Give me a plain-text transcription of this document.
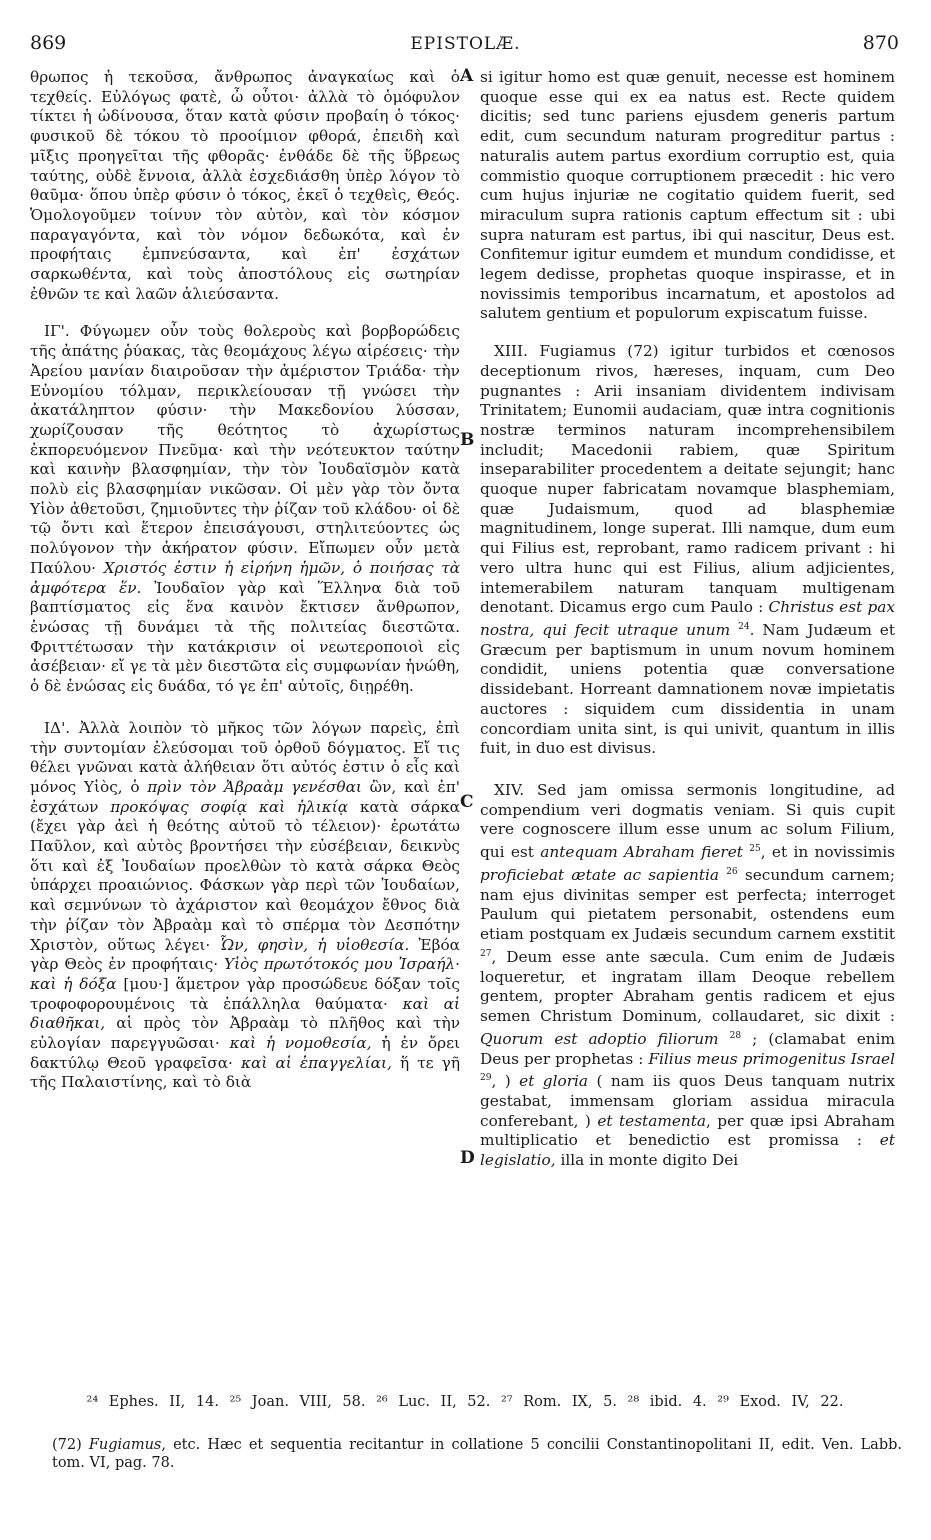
869	EPISTOLÆ.	870

θρωπος ἡ τεκοῦσα, ἄνθρωπος ἀναγκαίως καὶ ὁ τεχθείς. Εὐλόγως φατὲ, ὦ οὗτοι· ἀλλὰ τὸ ὁμόφυλον τίκτει ἡ ὠδίνουσα, ὅταν κατὰ φύσιν προβαίη ὁ τόκος· φυσικοῦ δὲ τόκου τὸ προοίμιον φθορά, ἐπειδὴ καὶ μῖξις προηγεῖται τῆς φθορᾶς· ἐνθάδε δὲ τῆς ὕβρεως ταύτης, οὐδὲ ἔννοια, ἀλλὰ ἐσχεδιάσθη ὑπὲρ λόγον τὸ θαῦμα· ὅπου ὑπὲρ φύσιν ὁ τόκος, ἐκεῖ ὁ τεχθεὶς, Θεός. Ὁμολογοῦμεν τοίνυν τὸν αὐτὸν, καὶ τὸν κόσμον παραγαγόντα, καὶ τὸν νόμον δεδωκότα, καὶ ἐν προφήταις ἐμπνεύσαντα, καὶ ἐπ' ἐσχάτων σαρκωθέντα, καὶ τοὺς ἀποστόλους εἰς σωτηρίαν ἐθνῶν τε καὶ λαῶν ἁλιεύσαντα.

ΙΓ'. Φύγωμεν οὖν τοὺς θολεροὺς καὶ βορβορώδεις τῆς ἀπάτης ῥύακας, τὰς θεομάχους λέγω αἱρέσεις· τὴν Ἀρείου μανίαν διαιροῦσαν τὴν ἀμέριστον Τριάδα· τὴν Εὐνομίου τόλμαν, περικλείουσαν τῇ γνώσει τὴν ἀκατάληπτον φύσιν· τὴν Μακεδονίου λύσσαν, χωρίζουσαν τῆς θεότητος τὸ ἀχωρίστως ἐκπορευόμενον Πνεῦμα· καὶ τὴν νεότευκτον ταύτην καὶ καινὴν βλασφημίαν, τὴν τὸν Ἰουδαϊσμὸν κατὰ πολὺ εἰς βλασφημίαν νικῶσαν. Οἱ μὲν γὰρ τὸν ὄντα Υἱὸν ἀθετοῦσι, ζημιοῦντες τὴν ῥίζαν τοῦ κλάδου· οἱ δὲ τῷ ὄντι καὶ ἕτερον ἐπεισάγουσι, στηλιτεύοντες ὡς πολύγονον τὴν ἀκήρατον φύσιν. Εἴπωμεν οὖν μετὰ Παύλου· Χριστός ἐστιν ἡ εἰρήνη ἡμῶν, ὁ ποιήσας τὰ ἀμφότερα ἕν. Ἰουδαῖον γὰρ καὶ Ἕλληνα διὰ τοῦ βαπτίσματος εἰς ἕνα καινὸν ἔκτισεν ἄνθρωπον, ἑνώσας τῇ δυνάμει τὰ τῆς πολιτείας διεστῶτα. Φριττέτωσαν τὴν κατάκρισιν οἱ νεωτεροποιοὶ εἰς ἀσέβειαν· εἴ γε τὰ μὲν διεστῶτα εἰς συμφωνίαν ἡνώθη, ὁ δὲ ἑνώσας εἰς δυάδα, τό γε ἐπ' αὐτοῖς, διῃρέθη.

ΙΔ'. Ἀλλὰ λοιπὸν τὸ μῆκος τῶν λόγων παρεὶς, ἐπὶ τὴν συντομίαν ἐλεύσομαι τοῦ ὀρθοῦ δόγματος. Εἴ τις θέλει γνῶναι κατὰ ἀλήθειαν ὅτι αὐτός ἐστιν ὁ εἷς καὶ μόνος Υἱὸς, ὁ πρὶν τὸν Ἀβραὰμ γενέσθαι ὢν, καὶ ἐπ' ἐσχάτων προκόψας σοφίᾳ καὶ ἡλικίᾳ κατὰ σάρκα (ἔχει γὰρ ἀεὶ ἡ θεότης αὐτοῦ τὸ τέλειον)· ἐρωτάτω Παῦλον, καὶ αὐτὸς βροντήσει τὴν εὐσέβειαν, δεικνὺς ὅτι καὶ ἐξ Ἰουδαίων προελθὼν τὸ κατὰ σάρκα Θεὸς ὑπάρχει προαιώνιος. Φάσκων γὰρ περὶ τῶν Ἰουδαίων, καὶ σεμνύνων τὸ ἀχάριστον καὶ θεομάχον ἔθνος διὰ τὴν ῥίζαν τὸν Ἀβραὰμ καὶ τὸ σπέρμα τὸν Δεσπότην Χριστὸν, οὕτως λέγει· Ὧν, φησὶν, ἡ υἱοθεσία. Ἐβόα γὰρ Θεὸς ἐν προφήταις· Υἱὸς πρωτότοκός μου Ἰσραήλ· καὶ ἡ δόξα [μου·] ἅμετρον γὰρ προσώδευε δόξαν τοῖς τροφοφορουμένοις τὰ ἐπάλληλα θαύματα· καὶ αἱ διαθῆκαι, αἱ πρὸς τὸν Ἀβραὰμ τὸ πλῆθος καὶ τὴν εὐλογίαν παρεγγυῶσαι· καὶ ἡ νομοθεσία, ἡ ἐν ὄρει δακτύλῳ Θεοῦ γραφεῖσα· καὶ αἱ ἐπαγγελίαι, ἥ τε γῆ τῆς Παλαιστίνης, καὶ τὸ διὰ

si igitur homo est quæ genuit, necesse est hominem quoque esse qui ex ea natus est. Recte quidem dicitis; sed tunc pariens ejusdem generis partum edit, cum secundum naturam progreditur partus : naturalis autem partus exordium corruptio est, quia commistio quoque corruptionem præcedit : hic vero cum hujus injuriæ ne cogitatio quidem fuerit, sed miraculum supra rationis captum effectum sit : ubi supra naturam est partus, ibi qui nascitur, Deus est. Confitemur igitur eumdem et mundum condidisse, et legem dedisse, prophetas quoque inspirasse, et in novissimis temporibus incarnatum, et apostolos ad salutem gentium et populorum expiscatum fuisse.

XIII. Fugiamus (72) igitur turbidos et cœnosos deceptionum rivos, hæreses, inquam, cum Deo pugnantes : Arii insaniam dividentem indivisam Trinitatem; Eunomii audaciam, quæ intra cognitionis nostræ terminos naturam incomprehensibilem includit; Macedonii rabiem, quæ Spiritum inseparabiliter procedentem a deitate sejungit; hanc quoque nuper fabricatam novamque blasphemiam, quæ Judaismum, quod ad blasphemiæ magnitudinem, longe superat. Illi namque, dum eum qui Filius est, reprobant, ramo radicem privant : hi vero ultra hunc qui est Filius, alium adjicientes, intemerabilem naturam tanquam multigenam denotant. Dicamus ergo cum Paulo : Christus est pax nostra, qui fecit utraque unum $^{24}$. Nam Judæum et Græcum per baptismum in unum novum hominem condidit, uniens potentia quæ conversatione dissidebant. Horreant damnationem novæ impietatis auctores : siquidem cum dissidentia in unam concordiam unita sint, is qui univit, quantum in illis fuit, in duo est divisus.

XIV. Sed jam omissa sermonis longitudine, ad compendium veri dogmatis veniam. Si quis cupit vere cognoscere illum esse unum ac solum Filium, qui est antequam Abraham fieret $^{25}$, et in novissimis proficiebat ætate ac sapientia $^{26}$ secundum carnem; nam ejus divinitas semper est perfecta; interroget Paulum qui pietatem personabit, ostendens eum etiam postquam ex Judæis secundum carnem exstitit $^{27}$, Deum esse ante sæcula. Cum enim de Judæis loqueretur, et ingratam illam Deoque rebellem gentem, propter Abraham gentis radicem et ejus semen Christum Dominum, collaudaret, sic dixit : Quorum est adoptio filiorum $^{28}$ ; (clamabat enim Deus per prophetas : Filius meus primogenitus Israel $^{29}$, ) et gloria ( nam iis quos Deus tanquam nutrix gestabat, immensam gloriam assidua miracula conferebant, ) et testamenta, per quæ ipsi Abraham multiplicatio et benedictio est promissa : et legislatio, illa in monte digito Dei

A
B
C
D
²⁴ Ephes. II, 14. ²⁵ Joan. VIII, 58. ²⁶ Luc. II, 52. ²⁷ Rom. IX, 5. ²⁸ ibid. 4. ²⁹ Exod. IV, 22.
(72) Fugiamus, etc. Hæc et sequentia recitantur in collatione 5 concilii Constantinopolitani II, edit. Ven. Labb. tom. VI, pag. 78.
